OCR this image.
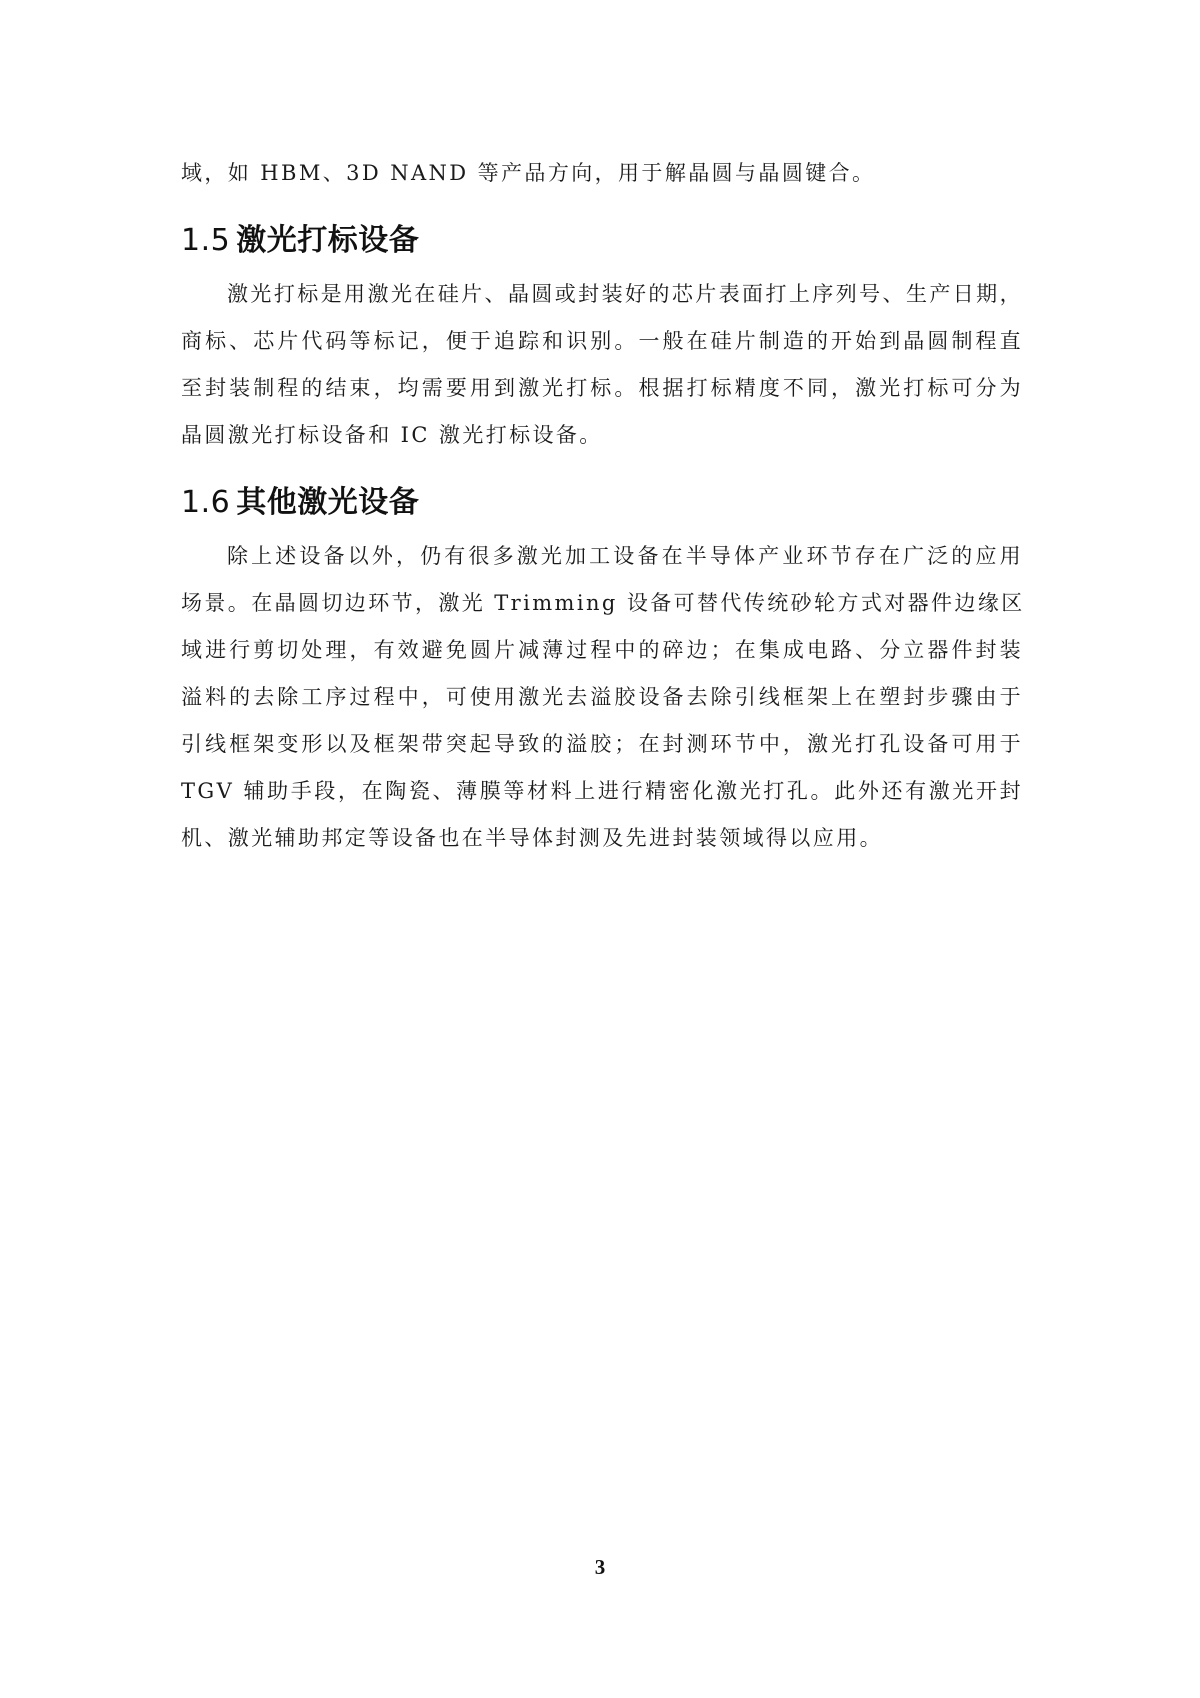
域，如 HBM、3D NAND 等产品方向，用于解晶圆与晶圆键合。

1.5 激光打标设备

激光打标是用激光在硅片、晶圆或封装好的芯片表面打上序列号、生产日期，

商标、芯片代码等标记，便于追踪和识别。一般在硅片制造的开始到晶圆制程直

至封装制程的结束，均需要用到激光打标。根据打标精度不同，激光打标可分为

晶圆激光打标设备和 IC 激光打标设备。

1.6 其他激光设备

除上述设备以外，仍有很多激光加工设备在半导体产业环节存在广泛的应用

场景。在晶圆切边环节，激光 Trimming 设备可替代传统砂轮方式对器件边缘区

域进行剪切处理，有效避免圆片减薄过程中的碎边；在集成电路、分立器件封装

溢料的去除工序过程中，可使用激光去溢胶设备去除引线框架上在塑封步骤由于

引线框架变形以及框架带突起导致的溢胶；在封测环节中，激光打孔设备可用于

TGV 辅助手段，在陶瓷、薄膜等材料上进行精密化激光打孔。此外还有激光开封

机、激光辅助邦定等设备也在半导体封测及先进封装领域得以应用。

3
